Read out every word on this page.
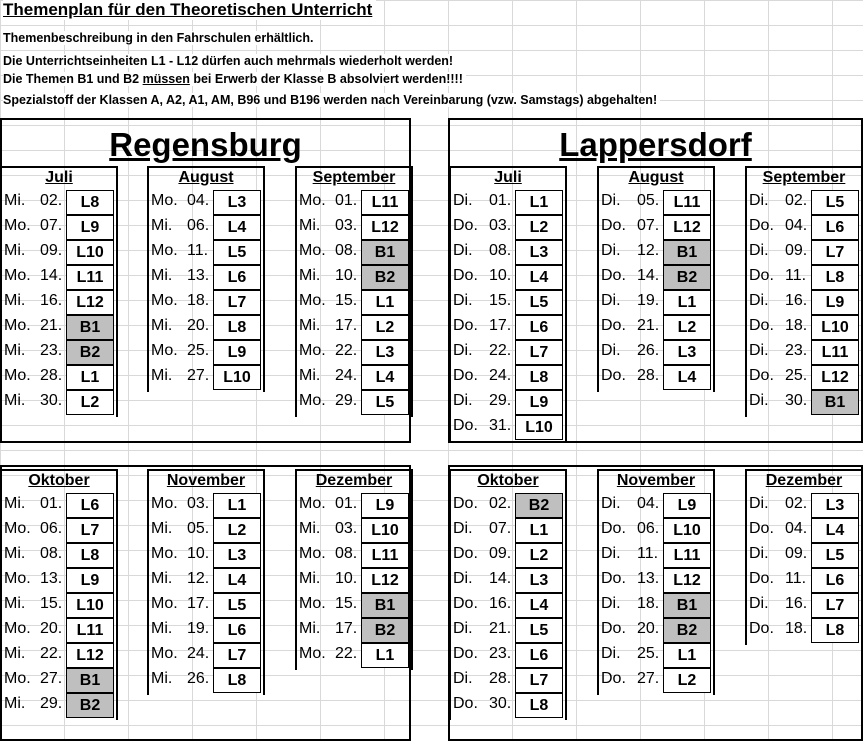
Themenplan für den Theoretischen Unterricht
Themenbeschreibung in den Fahrschulen erhältlich.
Die Unterrichtseinheiten L1 - L12 dürfen auch mehrmals wiederholt werden!
Die Themen B1 und B2 müssen bei Erwerb der Klasse B absolviert werden!!!!
Spezialstoff der Klassen A, A2, A1, AM, B96 und B196 werden nach Vereinbarung (vzw. Samstags) abgehalten!
Regensburg	Lappersdorf
Juli
Mi. 02.	L8
Mo. 07.	L9
Mi. 09. L10
Mo. 14. L11
Mi. 16. L12
Mo. 21.	B1
Mi. 23.	B2
Mo. 28.	L1
Mi. 30.	L2
August
Mo. 04.	L3
Mi. 06.	L4
Mo. 11.	L5
Mi. 13.	L6
Mo. 18.	L7
Mi. 20.	L8
Mo. 25.	L9
Mi. 27. L10
September
Mo. 01. L11
Mi. 03. L12
Mo. 08.	B1
Mi. 10.	B2
Mo. 15.	L1
Mi. 17.	L2
Mo. 22.	L3
Mi. 24.	L4
Mo. 29.	L5
Oktober
Mi. 01.	L6
Mo. 06.	L7
Mi. 08.	L8
Mo. 13.	L9
Mi. 15. L10
Mo. 20. L11
Mi. 22. L12
Mo. 27.	B1
Mi. 29.	B2
November
Mo. 03.	L1
Mi. 05.	L2
Mo. 10.	L3
Mi. 12.	L4
Mo. 17.	L5
Mi. 19.	L6
Mo. 24.	L7
Mi. 26.	L8
Dezember
Mo. 01.	L9
Mi. 03. L10
Mo. 08. L11
Mi. 10. L12
Mo. 15.	B1
Mi. 17.	B2
Mo. 22.	L1
Juli
Di. 01.	L1
Do. 03.	L2
Di. 08.	L3
Do. 10.	L4
Di. 15.	L5
Do. 17.	L6
Di. 22.	L7
Do. 24.	L8
Di. 29.	L9
Do. 31. L10
August
Di. 05. L11
Do. 07. L12
Di. 12.	B1
Do. 14.	B2
Di. 19.	L1
Do. 21.	L2
Di. 26.	L3
Do. 28.	L4
September
Di. 02.	L5
Do. 04.	L6
Di. 09.	L7
Do. 11.	L8
Di. 16.	L9
Do. 18. L10
Di. 23. L11
Do. 25. L12
Di. 30.	B1
Oktober
Do. 02.	B2
Di. 07.	L1
Do. 09.	L2
Di. 14.	L3
Do. 16.	L4
Di. 21.	L5
Do. 23.	L6
Di. 28.	L7
Do. 30.	L8
November
Di. 04.	L9
Do. 06. L10
Di. 11. L11
Do. 13. L12
Di. 18.	B1
Do. 20.	B2
Di. 25.	L1
Do. 27.	L2
Dezember
Di. 02.	L3
Do. 04.	L4
Di. 09.	L5
Do. 11.	L6
Di. 16.	L7
Do. 18.	L8
